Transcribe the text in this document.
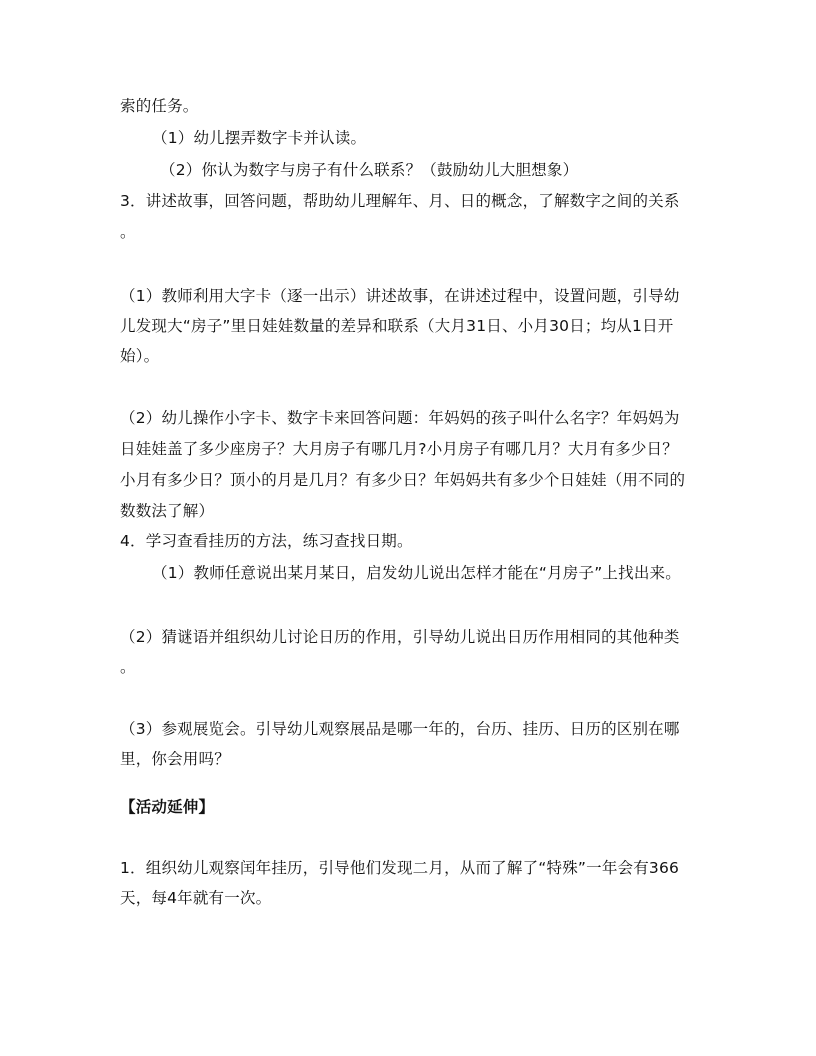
索的任务。
（1）幼儿摆弄数字卡并认读。
（2）你认为数字与房子有什么联系？（鼓励幼儿大胆想象）
3．讲述故事，回答问题，帮助幼儿理解年、月、日的概念，了解数字之间的关系
。
（1）教师利用大字卡（逐一出示）讲述故事，在讲述过程中，设置问题，引导幼
儿发现大“房子”里日娃娃数量的差异和联系（大月31日、小月30日；均从1日开
始）。
（2）幼儿操作小字卡、数字卡来回答问题：年妈妈的孩子叫什么名字？年妈妈为
日娃娃盖了多少座房子？大月房子有哪几月?小月房子有哪几月？大月有多少日？
小月有多少日？顶小的月是几月？有多少日？年妈妈共有多少个日娃娃（用不同的
数数法了解）
4．学习查看挂历的方法，练习查找日期。
（1）教师任意说出某月某日，启发幼儿说出怎样才能在“月房子”上找出来。
（2）猜谜语并组织幼儿讨论日历的作用，引导幼儿说出日历作用相同的其他种类
。
（3）参观展览会。引导幼儿观察展品是哪一年的，台历、挂历、日历的区别在哪
里，你会用吗？
【活动延伸】
1．组织幼儿观察闰年挂历，引导他们发现二月，从而了解了“特殊”一年会有366
天，每4年就有一次。
